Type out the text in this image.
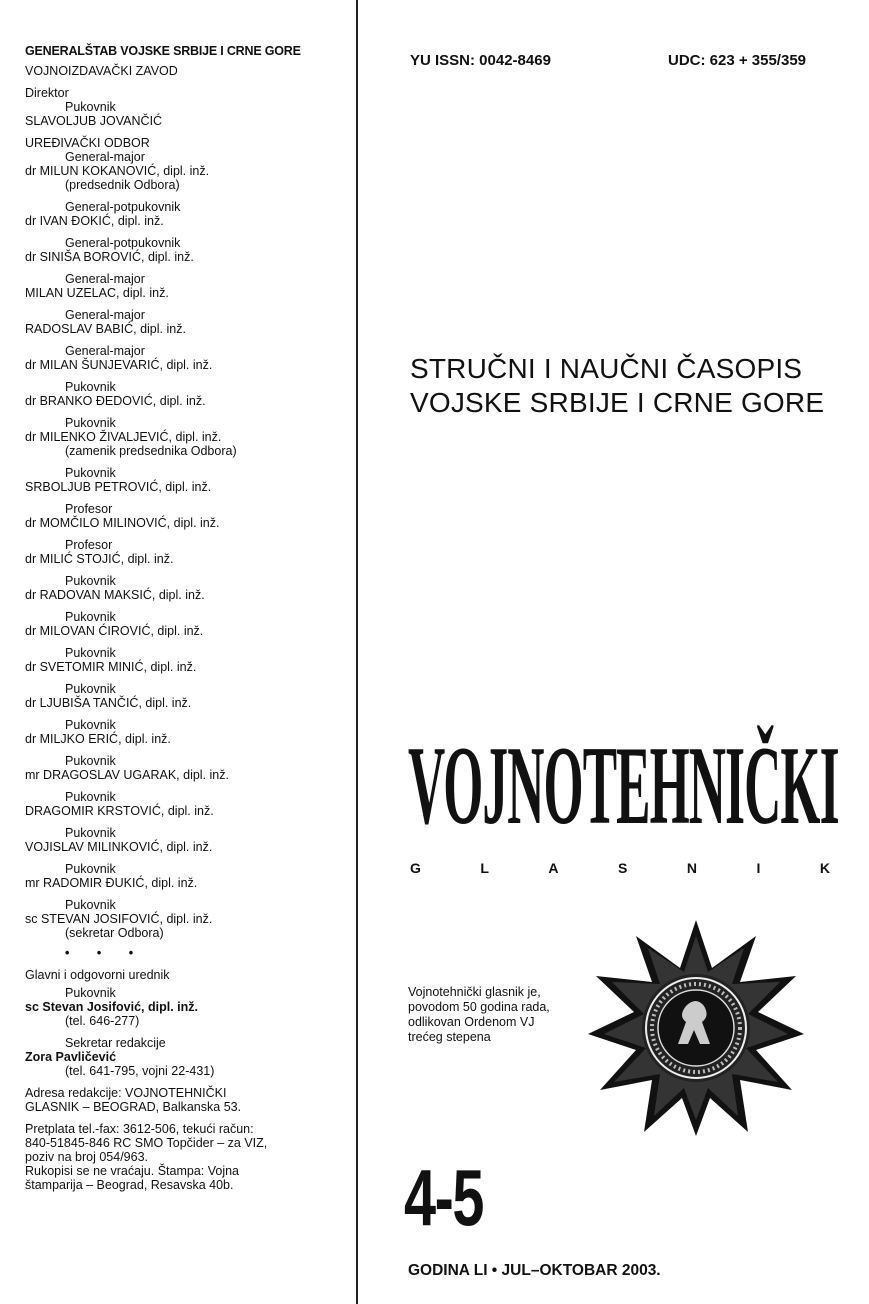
GENERALŠTAB VOJSKE SRBIJE I CRNE GORE
VOJNOIZDAVAČKI ZAVOD
Direktor
Pukovnik
SLAVOLJUB JOVANČIĆ
UREĐIVAČKI ODBOR
General-major
dr MILUN KOKANOVIĆ, dipl. inž.
(predsednik Odbora)
General-potpukovnik
dr IVAN ĐOKIĆ, dipl. inž.
General-potpukovnik
dr SINIŠA BOROVIĆ, dipl. inž.
General-major
MILAN UZELAC, dipl. inž.
General-major
RADOSLAV BABIĆ, dipl. inž.
General-major
dr MILAN ŠUNJEVARIĆ, dipl. inž.
Pukovnik
dr BRANKO ĐEDOVIĆ, dipl. inž.
Pukovnik
dr MILENKO ŽIVALJEVIĆ, dipl. inž.
(zamenik predsednika Odbora)
Pukovnik
SRBOLJUB PETROVIĆ, dipl. inž.
Profesor
dr MOMČILO MILINOVIĆ, dipl. inž.
Profesor
dr MILIĆ STOJIĆ, dipl. inž.
Pukovnik
dr RADOVAN MAKSIĆ, dipl. inž.
Pukovnik
dr MILOVAN ĆIROVIĆ, dipl. inž.
Pukovnik
dr SVETOMIR MINIĆ, dipl. inž.
Pukovnik
dr LJUBIŠA TANČIĆ, dipl. inž.
Pukovnik
dr MILJKO ERIĆ, dipl. inž.
Pukovnik
mr DRAGOSLAV UGARAK, dipl. inž.
Pukovnik
DRAGOMIR KRSTOVIĆ, dipl. inž.
Pukovnik
VOJISLAV MILINKOVIĆ, dipl. inž.
Pukovnik
mr RADOMIR ĐUKIĆ, dipl. inž.
Pukovnik
sc STEVAN JOSIFOVIĆ, dipl. inž.
(sekretar Odbora)
• • •
Glavni i odgovorni urednik
Pukovnik
sc Stevan Josifović, dipl. inž.
(tel. 646-277)
Sekretar redakcije
Zora Pavličević
(tel. 641-795, vojni 22-431)
Adresa redakcije: VOJNOTEHNIČKI
GLASNIK – BEOGRAD, Balkanska 53.
Pretplata tel.-fax: 3612-506, tekući račun:
840-51845-846 RC SMO Topčider – za VIZ,
poziv na broj 054/963.
Rukopisi se ne vraćaju. Štampa: Vojna
štamparija – Beograd, Resavska 40b.
YU ISSN: 0042-8469	UDC: 623 + 355/359
STRUČNI I NAUČNI ČASOPIS
VOJSKE SRBIJE I CRNE GORE
VOJNOTEHNIČKI
G	L	A	S	N	I	K
Vojnotehnički glasnik je,
povodom 50 godina rada,
odlikovan Ordenom VJ
trećeg stepena
4-5
GODINA LI • JUL–OKTOBAR 2003.
